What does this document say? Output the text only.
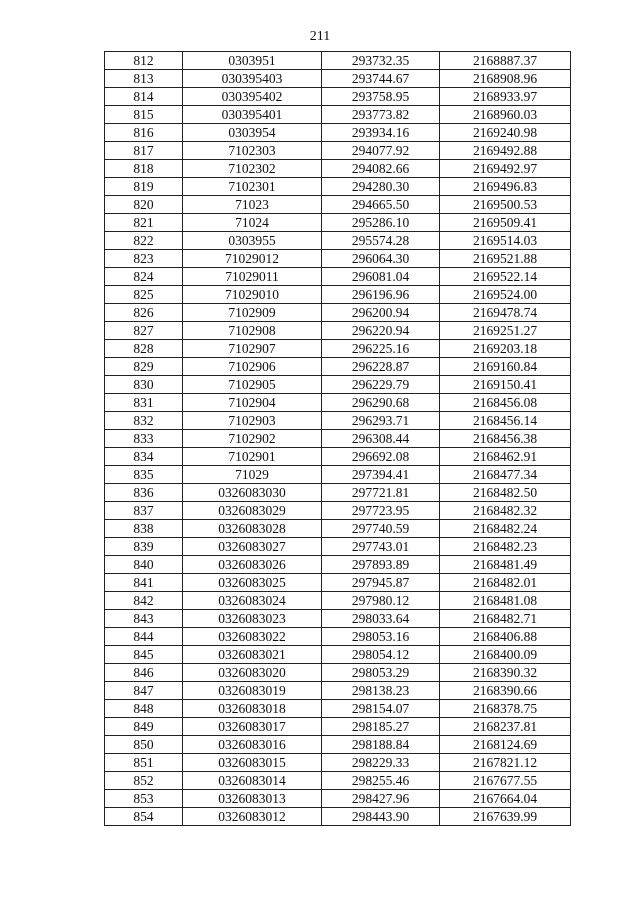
211
812	0303951	293732.35	2168887.37
813	030395403	293744.67	2168908.96
814	030395402	293758.95	2168933.97
815	030395401	293773.82	2168960.03
816	0303954	293934.16	2169240.98
817	7102303	294077.92	2169492.88
818	7102302	294082.66	2169492.97
819	7102301	294280.30	2169496.83
820	71023	294665.50	2169500.53
821	71024	295286.10	2169509.41
822	0303955	295574.28	2169514.03
823	71029012	296064.30	2169521.88
824	71029011	296081.04	2169522.14
825	71029010	296196.96	2169524.00
826	7102909	296200.94	2169478.74
827	7102908	296220.94	2169251.27
828	7102907	296225.16	2169203.18
829	7102906	296228.87	2169160.84
830	7102905	296229.79	2169150.41
831	7102904	296290.68	2168456.08
832	7102903	296293.71	2168456.14
833	7102902	296308.44	2168456.38
834	7102901	296692.08	2168462.91
835	71029	297394.41	2168477.34
836	0326083030	297721.81	2168482.50
837	0326083029	297723.95	2168482.32
838	0326083028	297740.59	2168482.24
839	0326083027	297743.01	2168482.23
840	0326083026	297893.89	2168481.49
841	0326083025	297945.87	2168482.01
842	0326083024	297980.12	2168481.08
843	0326083023	298033.64	2168482.71
844	0326083022	298053.16	2168406.88
845	0326083021	298054.12	2168400.09
846	0326083020	298053.29	2168390.32
847	0326083019	298138.23	2168390.66
848	0326083018	298154.07	2168378.75
849	0326083017	298185.27	2168237.81
850	0326083016	298188.84	2168124.69
851	0326083015	298229.33	2167821.12
852	0326083014	298255.46	2167677.55
853	0326083013	298427.96	2167664.04
854	0326083012	298443.90	2167639.99
